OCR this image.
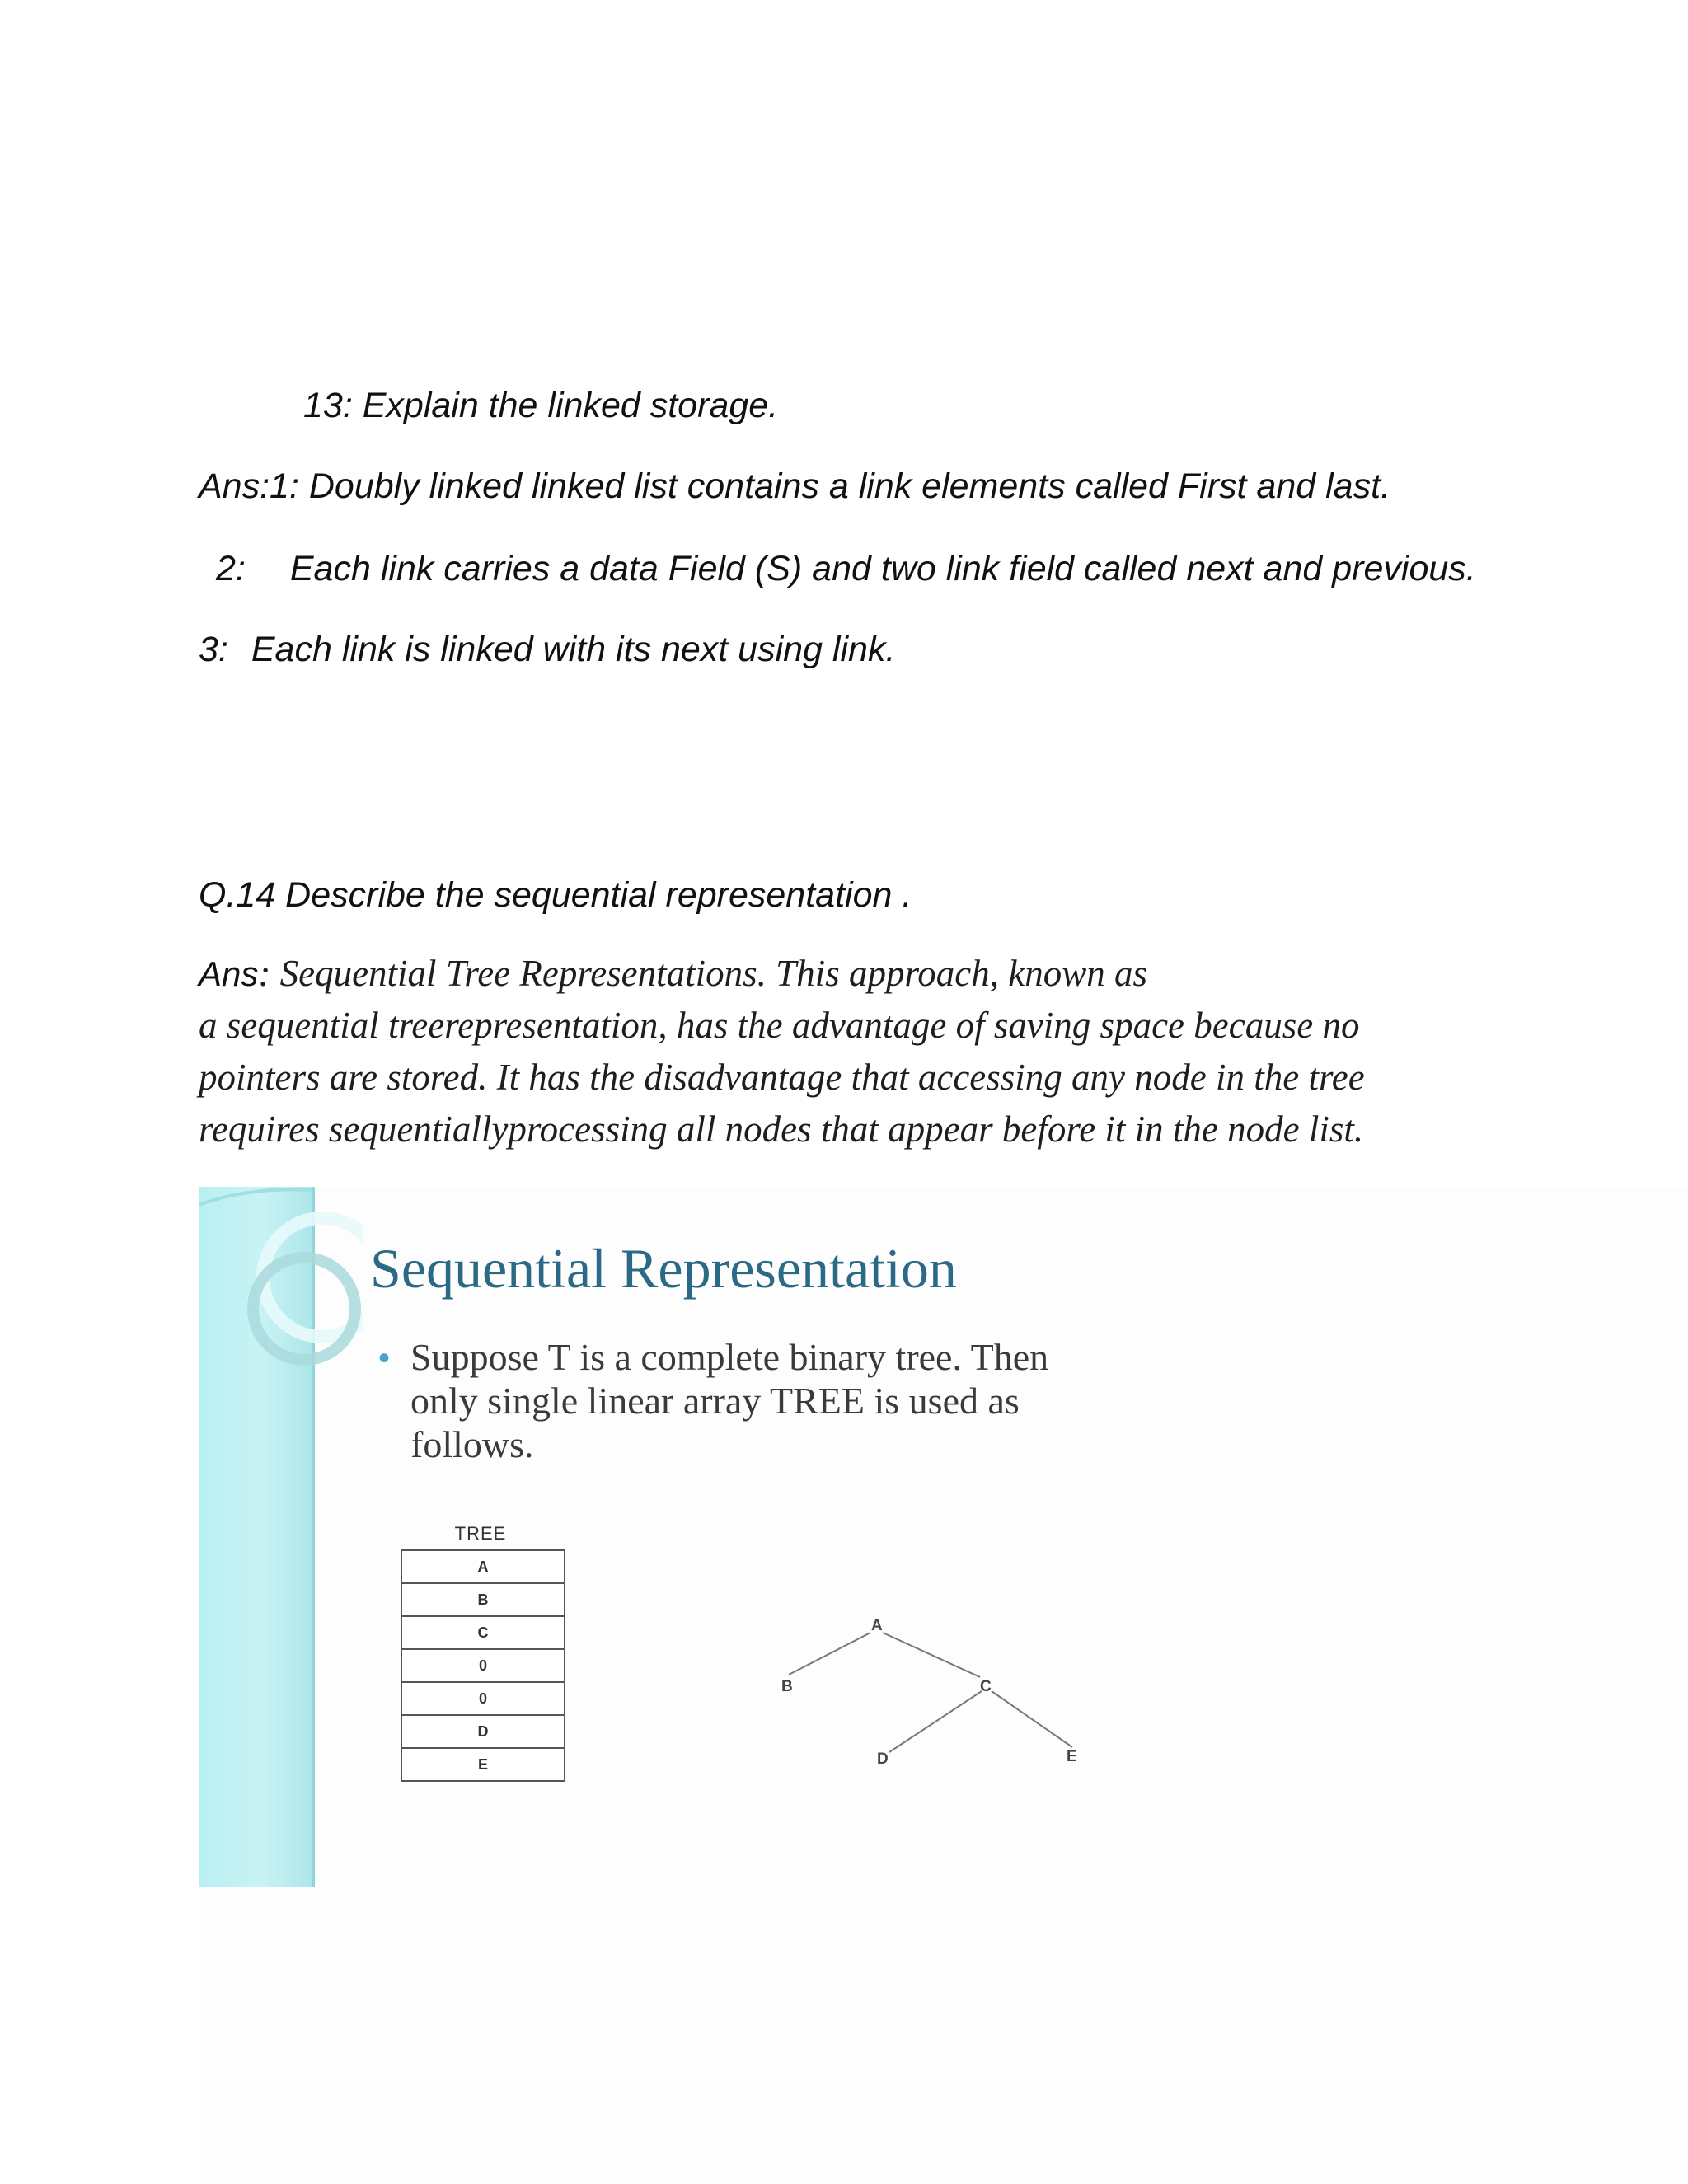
13: Explain the linked storage.

Ans:1: Doubly linked linked list contains a link elements called First and last.

2: Each link carries a data Field (S) and two link field called next and previous.

3: Each link is linked with its next using link.

Q.14 Describe the sequential representation .

Ans: Sequential Tree Representations. This approach, known as
a sequential treerepresentation, has the advantage of saving space because no
pointers are stored. It has the disadvantage that accessing any node in the tree
requires sequentiallyprocessing all nodes that appear before it in the node list.

Sequential Representation
• Suppose T is a complete binary tree. Then
only single linear array TREE is used as
follows.

TREE
A
B
C
0
0
D
E
A
B	C
D	E
